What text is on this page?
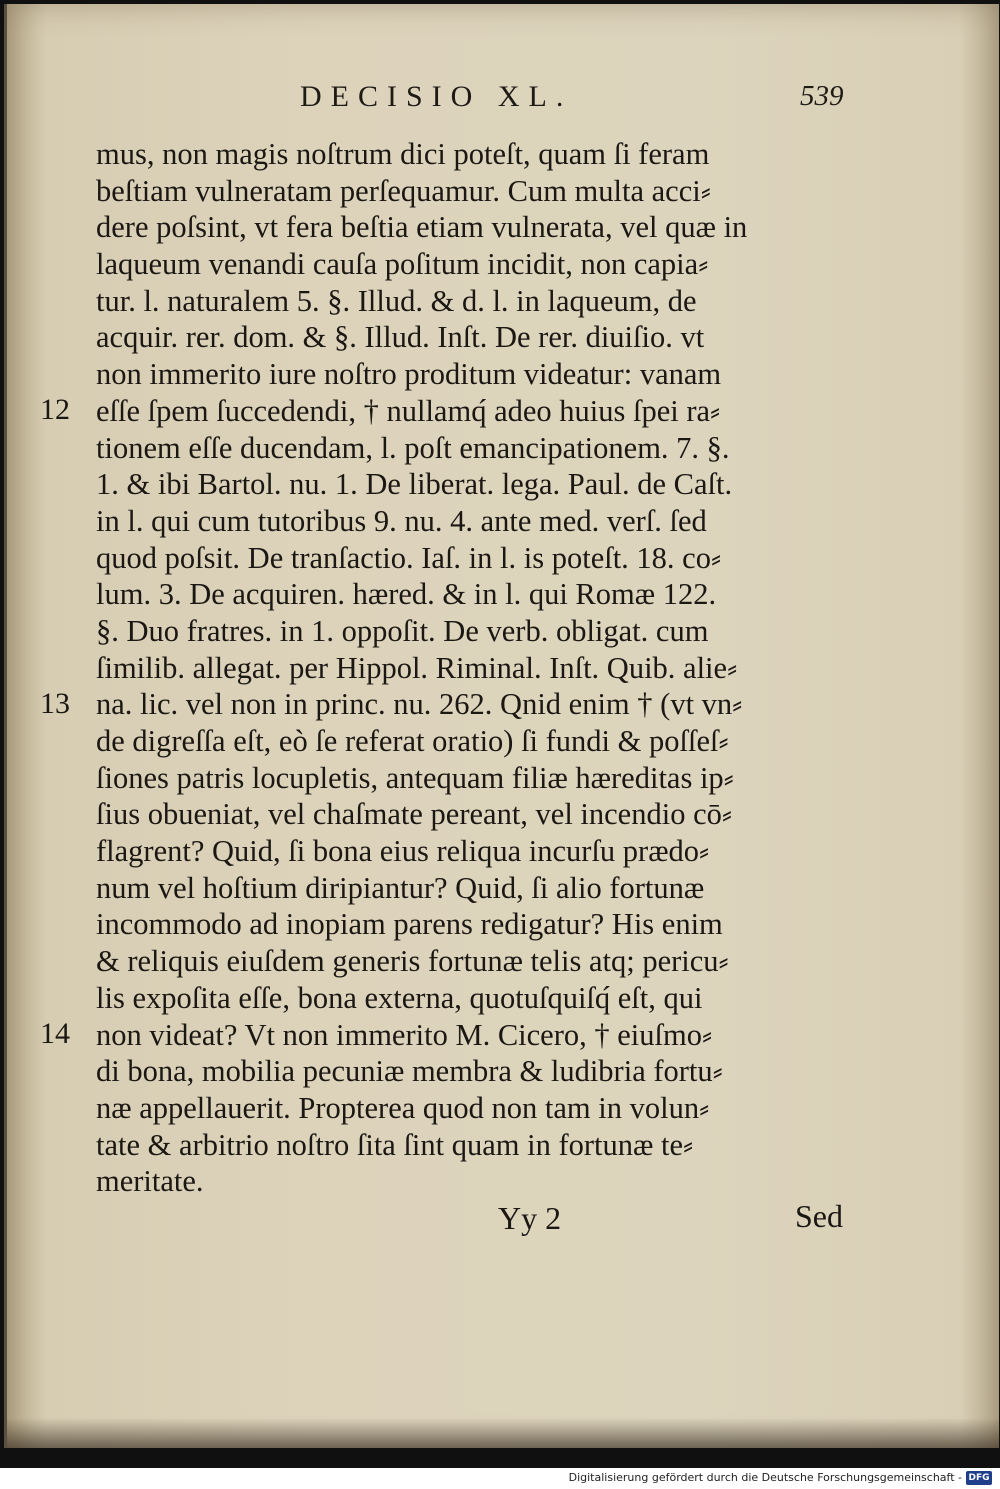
DECISIO XL.	539
mus, non magis noſtrum dici poteſt, quam ſi feram
beſtiam vulneratam perſequamur. Cum multa acci⸗
dere poſsint, vt fera beſtia etiam vulnerata, vel quæ in
laqueum venandi cauſa poſitum incidit, non capia⸗
tur. l. naturalem 5. §. Illud. & d. l. in laqueum, de
acquir. rer. dom. & §. Illud. Inſt. De rer. diuiſio. vt
non immerito iure noſtro proditum videatur: vanam
eſſe ſpem ſuccedendi, † nullamq́ adeo huius ſpei ra⸗
tionem eſſe ducendam, l. poſt emancipationem. 7. §.
1. & ibi Bartol. nu. 1. De liberat. lega. Paul. de Caſt.
in l. qui cum tutoribus 9. nu. 4. ante med. verſ. ſed
quod poſsit. De tranſactio. Iaſ. in l. is poteſt. 18. co⸗
lum. 3. De acquiren. hæred. & in l. qui Romæ 122.
§. Duo fratres. in 1. oppoſit. De verb. obligat. cum
ſimilib. allegat. per Hippol. Riminal. Inſt. Quib. alie⸗
na. lic. vel non in princ. nu. 262. Qnid enim † (vt vn⸗
de digreſſa eſt, eò ſe referat oratio) ſi fundi & poſſeſ⸗
ſiones patris locupletis, antequam filiæ hæreditas ip⸗
ſius obueniat, vel chaſmate pereant, vel incendio cō⸗
flagrent? Quid, ſi bona eius reliqua incurſu prædo⸗
num vel hoſtium diripiantur? Quid, ſi alio fortunæ
incommodo ad inopiam parens redigatur? His enim
& reliquis eiuſdem generis fortunæ telis atq; pericu⸗
lis expoſita eſſe, bona externa, quotuſquiſq́ eſt, qui
non videat? Vt non immerito M. Cicero, † eiuſmo⸗
di bona, mobilia pecuniæ membra & ludibria fortu⸗
næ appellauerit. Propterea quod non tam in volun⸗
tate & arbitrio noſtro ſita ſint quam in fortunæ te⸗
meritate.
12
13
14
Yy 2	Sed
Digitalisierung gefördert durch die Deutsche Forschungsgemeinschaft - DFG
